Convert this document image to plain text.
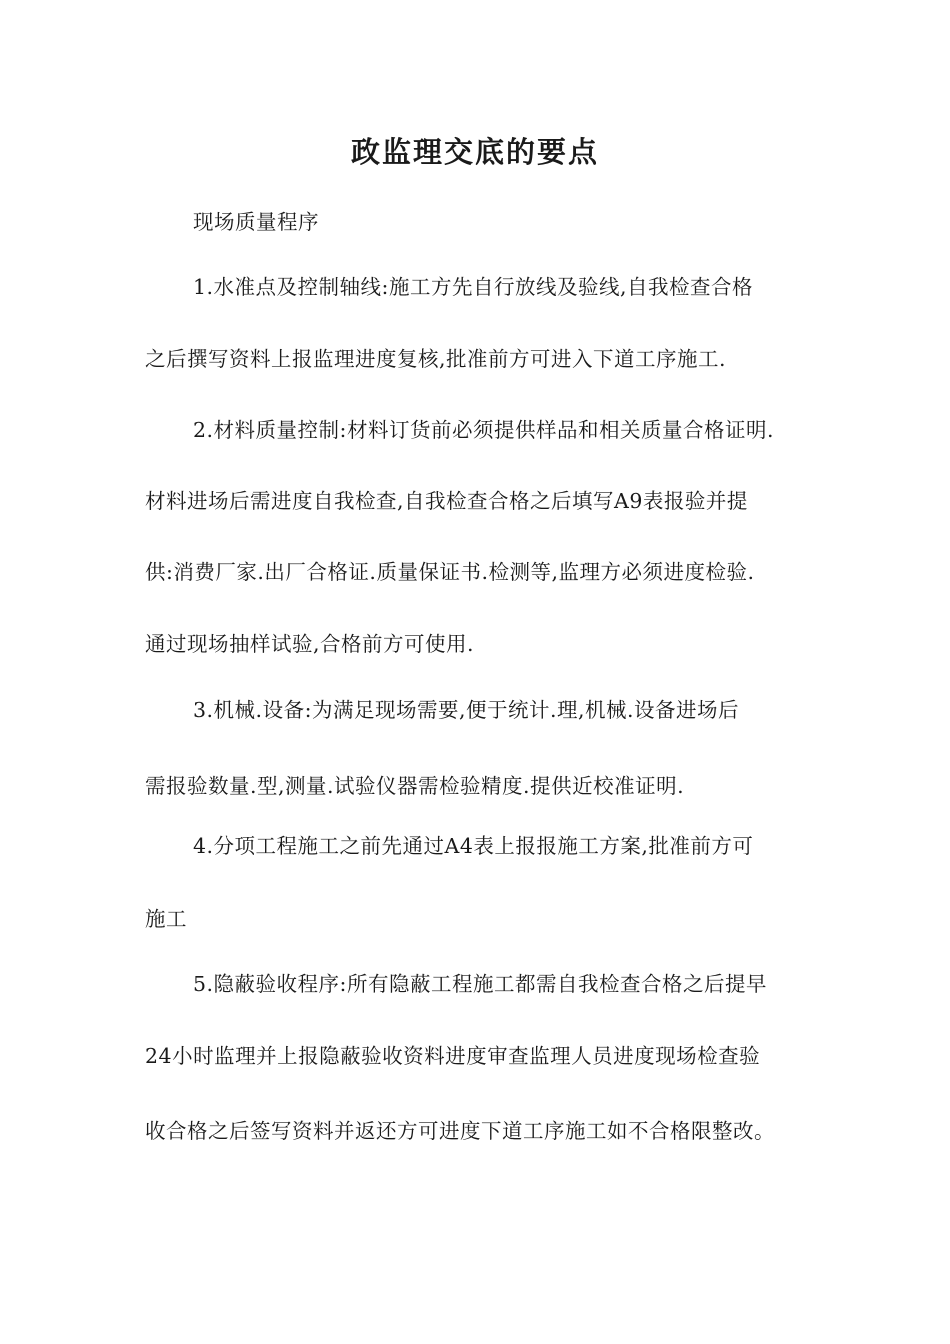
政监理交底的要点
现场质量程序
1.水准点及控制轴线:施工方先自行放线及验线,自我检查合格
之后撰写资料上报监理进度复核,批准前方可进入下道工序施工.
2.材料质量控制:材料订货前必须提供样品和相关质量合格证明.
材料进场后需进度自我检查,自我检查合格之后填写A9表报验并提
供:消费厂家.出厂合格证.质量保证书.检测等,监理方必须进度检验.
通过现场抽样试验,合格前方可使用.
3.机械.设备:为满足现场需要,便于统计.理,机械.设备进场后
需报验数量.型,测量.试验仪器需检验精度.提供近校准证明.
4.分项工程施工之前先通过A4表上报报施工方案,批准前方可
施工
5.隐蔽验收程序:所有隐蔽工程施工都需自我检查合格之后提早
24小时监理并上报隐蔽验收资料进度审查监理人员进度现场检查验
收合格之后签写资料并返还方可进度下道工序施工如不合格限整改。
